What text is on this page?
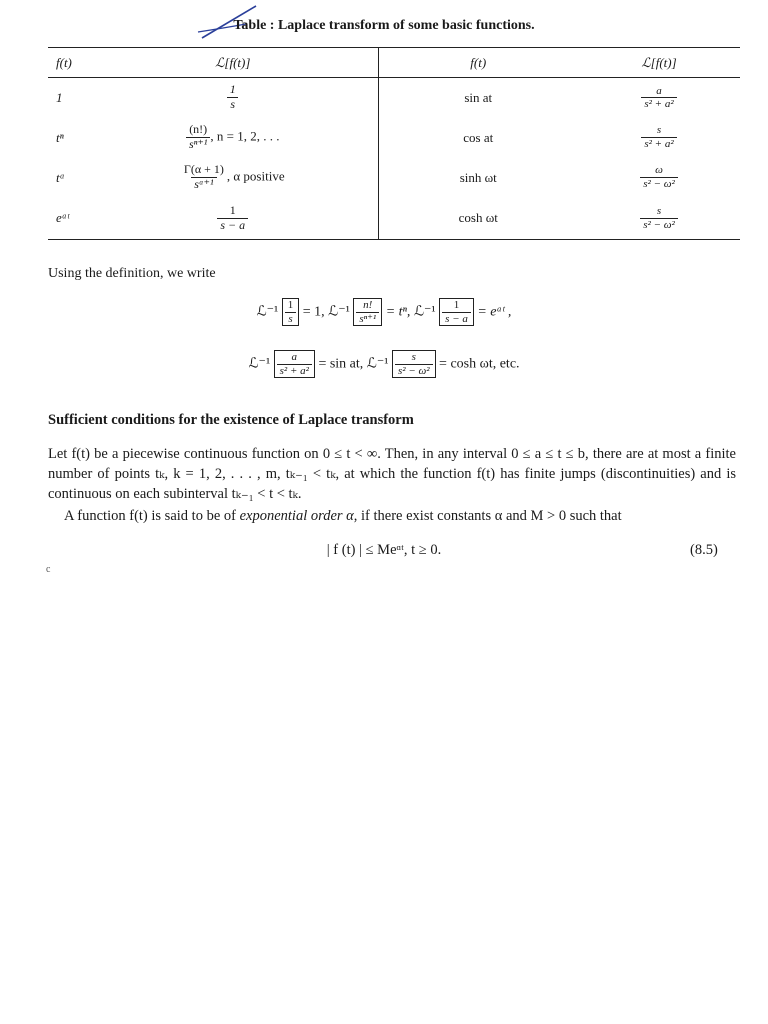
Table : Laplace transform of some basic functions.
f(t)	ℒ[f(t)]	f(t)	ℒ[f(t)]
1	$\frac{1}{s}$	sin at	$\frac{a}{\text{s² + a²}}$

tⁿ	$\frac{(n!)}{\text{sⁿ⁺¹}}$ , n = 1, 2, . . .	cos at	$\frac{s}{\text{s² + a²}}$

tᵅ	$\frac{\Gamma(\alpha + 1)}{\text{sᵅ⁺¹}}$ , α positive	sinh ωt	$\frac{\omega}{\text{s² − ω²}}$

eᵃᵗ	$\frac{1}{s - a}$	cosh ωt	$\frac{s}{\text{s² − ω²}}$
Using the definition, we write
ℒ⁻¹ $\frac{1}{s} = 1$, ℒ⁻¹ $\frac{n!}{\text{sⁿ⁺¹}} = t^n$, ℒ⁻¹ $\frac{1}{s - a}$ = eᵃᵗ ,
ℒ⁻¹ $\frac{a}{\text{s² + a²}} = \sin$ at, ℒ⁻¹ $\frac{s}{\text{s² − ω²}} = \cosh \omega t$, etc.
Sufficient conditions for the existence of Laplace transform

Let f(t) be a piecewise continuous function on 0 ≤ t < ∞. Then, in any interval 0 ≤ a ≤ t ≤ b, there are at most a finite number of points tₖ, k = 1, 2, . . . , m, tₖ₋₁ < tₖ, at which the function f(t) has finite jumps (discontinuities) and is continuous on each subinterval tₖ₋₁ < t < tₖ.

A function f(t) is said to be of exponential order α, if there exist constants α and M > 0 such that

| f (t) | ≤ Meᵅᵗ, t ≥ 0.	(8.5)
c
